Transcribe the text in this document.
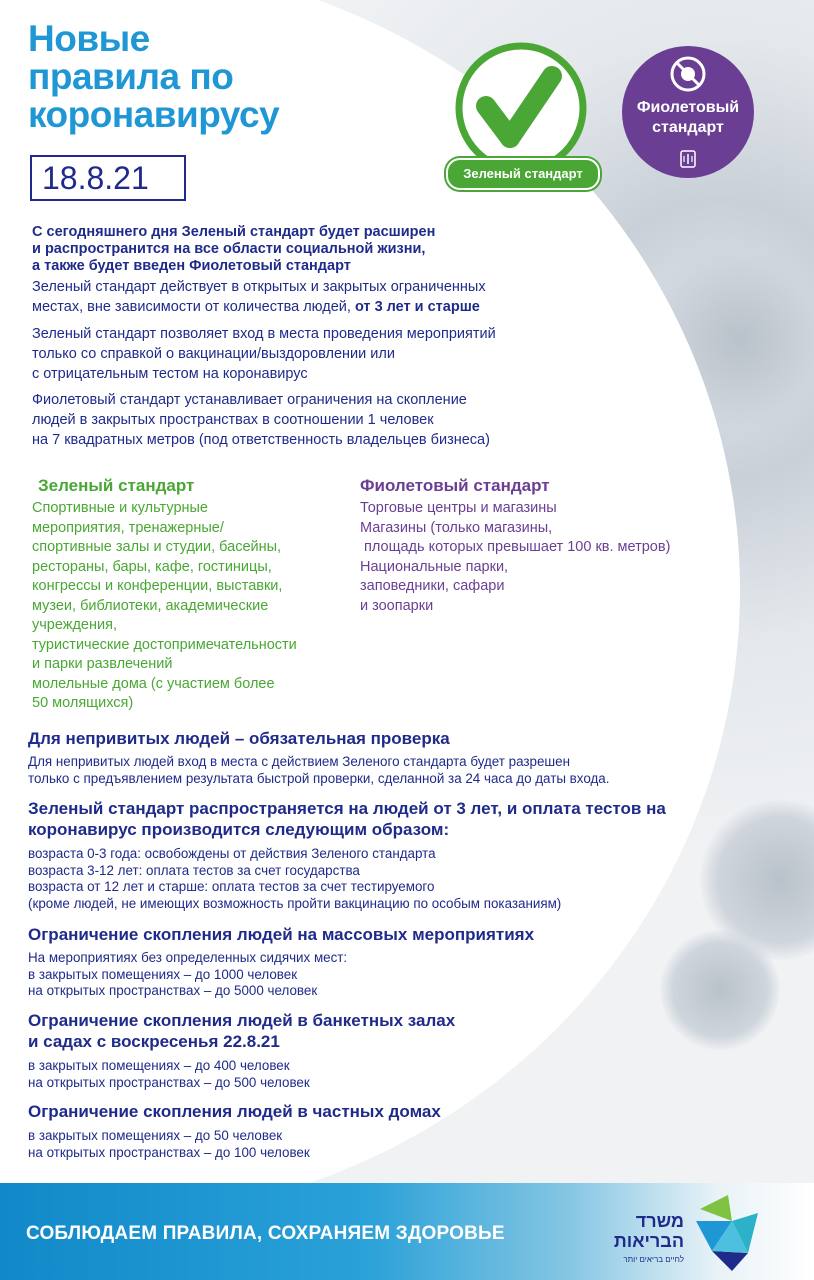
Новые
правила по
коронавирусу
18.8.21	Зеленый стандарт
Фиолетовый
стандарт
С сегодняшнего дня Зеленый стандарт будет расширен
и распространится на все области социальной жизни,
а также будет введен Фиолетовый стандарт
Зеленый стандарт действует в открытых и закрытых ограниченных
местах, вне зависимости от количества людей, от 3 лет и старше
Зеленый стандарт позволяет вход в места проведения мероприятий
только со справкой о вакцинации/выздоровлении или
с отрицательным тестом на коронавирус
Фиолетовый стандарт устанавливает ограничения на скопление
людей в закрытых пространствах в соотношении 1 человек
на 7 квадратных метров (под ответственность владельцев бизнеса)
Зеленый стандарт	Фиолетовый стандарт
Спортивные и культурные
мероприятия, тренажерные/
спортивные залы и студии, басейны,
рестораны, бары, кафе, гостиницы,
конгрессы и конференции, выставки,
музеи, библиотеки, академические
учреждения,
туристические достопримечательности
и парки развлечений
молельные дома (с участием более
50 молящихся)
Торговые центры и магазины
Магазины (только магазины,
площадь которых превышает 100 кв. метров)
Национальные парки,
заповедники, сафари
и зоопарки
Для непривитых людей – обязательная проверка
Для непривитых людей вход в места с действием Зеленого стандарта будет разрешен
только с предъявлением результата быстрой проверки, сделанной за 24 часа до даты входа.
Зеленый стандарт распространяется на людей от 3 лет, и оплата тестов на
коронавирус производится следующим образом:
возраста 0-3 года: освобождены от действия Зеленого стандарта
возраста 3-12 лет: оплата тестов за счет государства
возраста от 12 лет и старше: оплата тестов за счет тестируемого
(кроме людей, не имеющих возможность пройти вакцинацию по особым показаниям)
Ограничение скопления людей на массовых мероприятиях
На мероприятиях без определенных сидячих мест:
в закрытых помещениях – до 1000 человек
на открытых пространствах – до 5000 человек
Ограничение скопления людей в банкетных залах
и садах с воскресенья 22.8.21
в закрытых помещениях – до 400 человек
на открытых пространствах – до 500 человек
Ограничение скопления людей в частных домах
в закрытых помещениях – до 50 человек
на открытых пространствах – до 100 человек
СОБЛЮДАЕМ ПРАВИЛА, СОХРАНЯЕМ ЗДОРОВЬЕ
משרד
הבריאות
לחיים בריאים יותר
